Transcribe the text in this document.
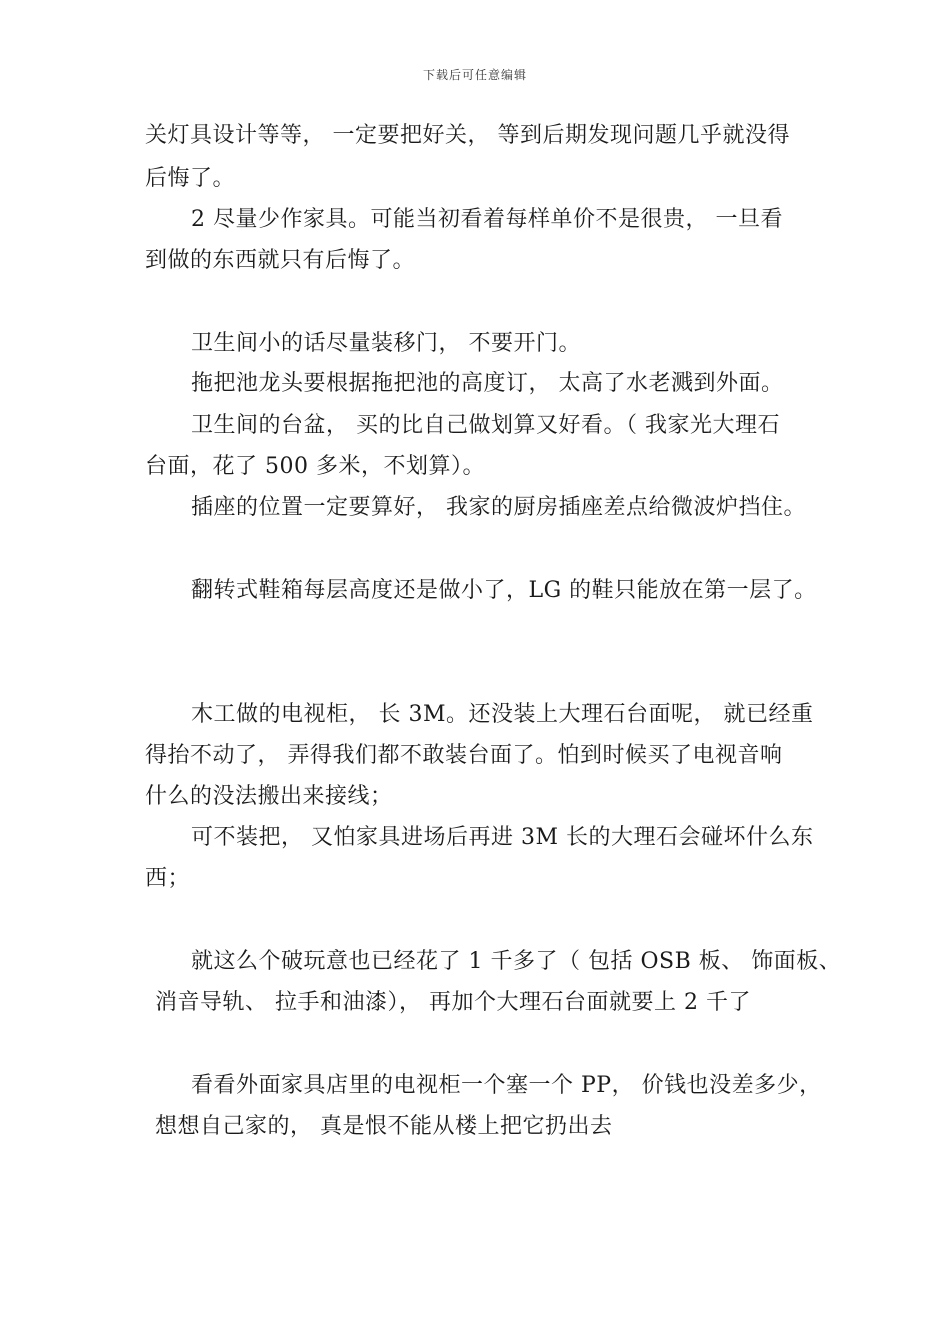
下载后可任意编辑
关灯具设计等等， 一定要把好关， 等到后期发现问题几乎就没得
后悔了。
2 尽量少作家具。可能当初看着每样单价不是很贵， 一旦看
到做的东西就只有后悔了。
卫生间小的话尽量装移门， 不要开门。
拖把池龙头要根据拖把池的高度订， 太高了水老溅到外面。
卫生间的台盆， 买的比自己做划算又好看。（ 我家光大理石
台面，花了 500 多米，不划算）。
插座的位置一定要算好， 我家的厨房插座差点给微波炉挡住。
翻转式鞋箱每层高度还是做小了，LG 的鞋只能放在第一层了。
木工做的电视柜， 长 3M。还没装上大理石台面呢， 就已经重
得抬不动了， 弄得我们都不敢装台面了。怕到时候买了电视音响
什么的没法搬出来接线；
可不装把， 又怕家具进场后再进 3M 长的大理石会碰坏什么东
西；
就这么个破玩意也已经花了 1 千多了（ 包括 OSB 板、 饰面板、
消音导轨、 拉手和油漆）， 再加个大理石台面就要上 2 千了
看看外面家具店里的电视柜一个塞一个 PP， 价钱也没差多少，
想想自己家的， 真是恨不能从楼上把它扔出去
